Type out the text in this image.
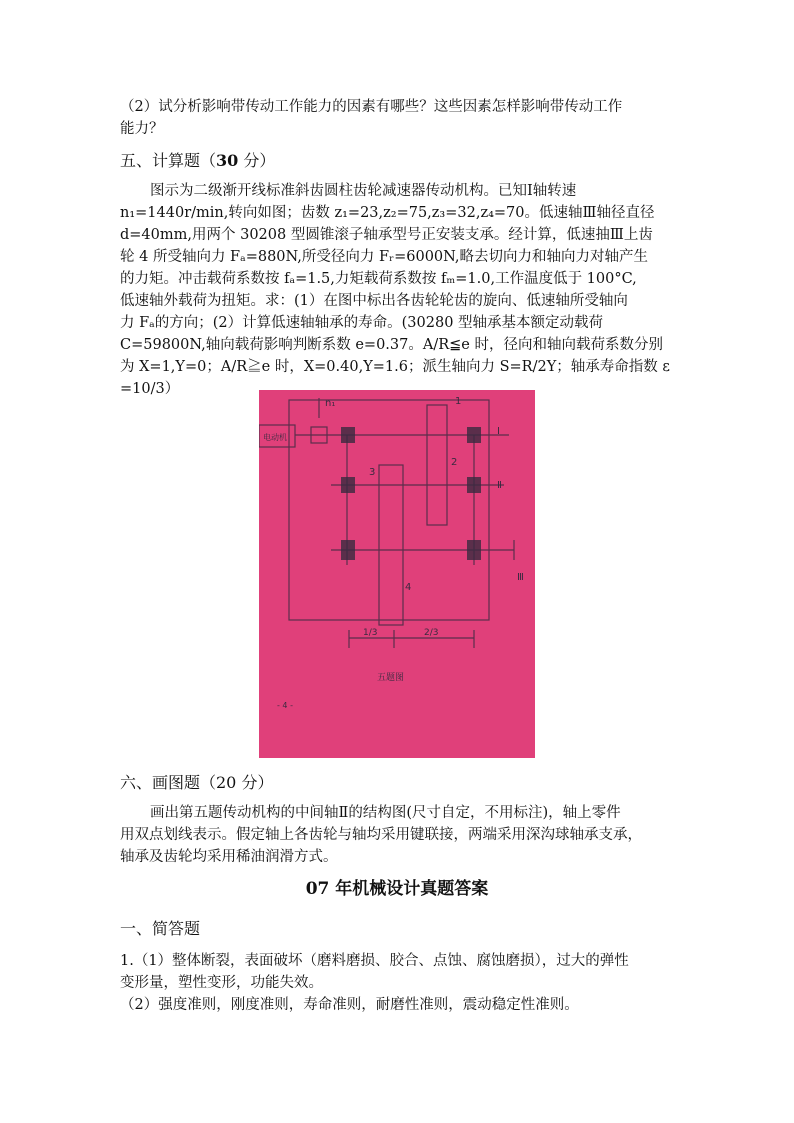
（2）试分析影响带传动工作能力的因素有哪些？这些因素怎样影响带传动工作

能力？

五、计算题（30 分）

图示为二级渐开线标准斜齿圆柱齿轮减速器传动机构。已知Ⅰ轴转速

n₁=1440r/min,转向如图；齿数 z₁=23,z₂=75,z₃=32,z₄=70。低速轴Ⅲ轴径直径

d=40mm,用两个 30208 型圆锥滚子轴承型号正安装支承。经计算，低速抽Ⅲ上齿

轮 4 所受轴向力 Fₐ=880N,所受径向力 Fᵣ=6000N,略去切向力和轴向力对轴产生

的力矩。冲击载荷系数按 fₐ=1.5,力矩载荷系数按 fₘ=1.0,工作温度低于 100°C,

低速轴外载荷为扭矩。求：(1）在图中标出各齿轮轮齿的旋向、低速轴所受轴向

力 Fₐ的方向；(2）计算低速轴轴承的寿命。(30280 型轴承基本额定动载荷

C=59800N,轴向载荷影响判断系数 e=0.37。A/R≦e 时，径向和轴向载荷系数分别

为 X=1,Y=0；A/R≧e 时，X=0.40,Y=1.6；派生轴向力 S=R/2Y；轴承寿命指数 ε

=10/3）

电动机
n₁	1
2
3
4
Ⅰ
Ⅱ
Ⅲ
1/3	2/3
五题图
- 4 -

六、画图题（20 分）

画出第五题传动机构的中间轴Ⅱ的结构图(尺寸自定，不用标注)，轴上零件

用双点划线表示。假定轴上各齿轮与轴均采用键联接，两端采用深沟球轴承支承，

轴承及齿轮均采用稀油润滑方式。

07 年机械设计真题答案

一、简答题

1.（1）整体断裂，表面破坏（磨料磨损、胶合、点蚀、腐蚀磨损），过大的弹性

变形量，塑性变形，功能失效。

（2）强度准则，刚度准则，寿命准则，耐磨性准则，震动稳定性准则。
